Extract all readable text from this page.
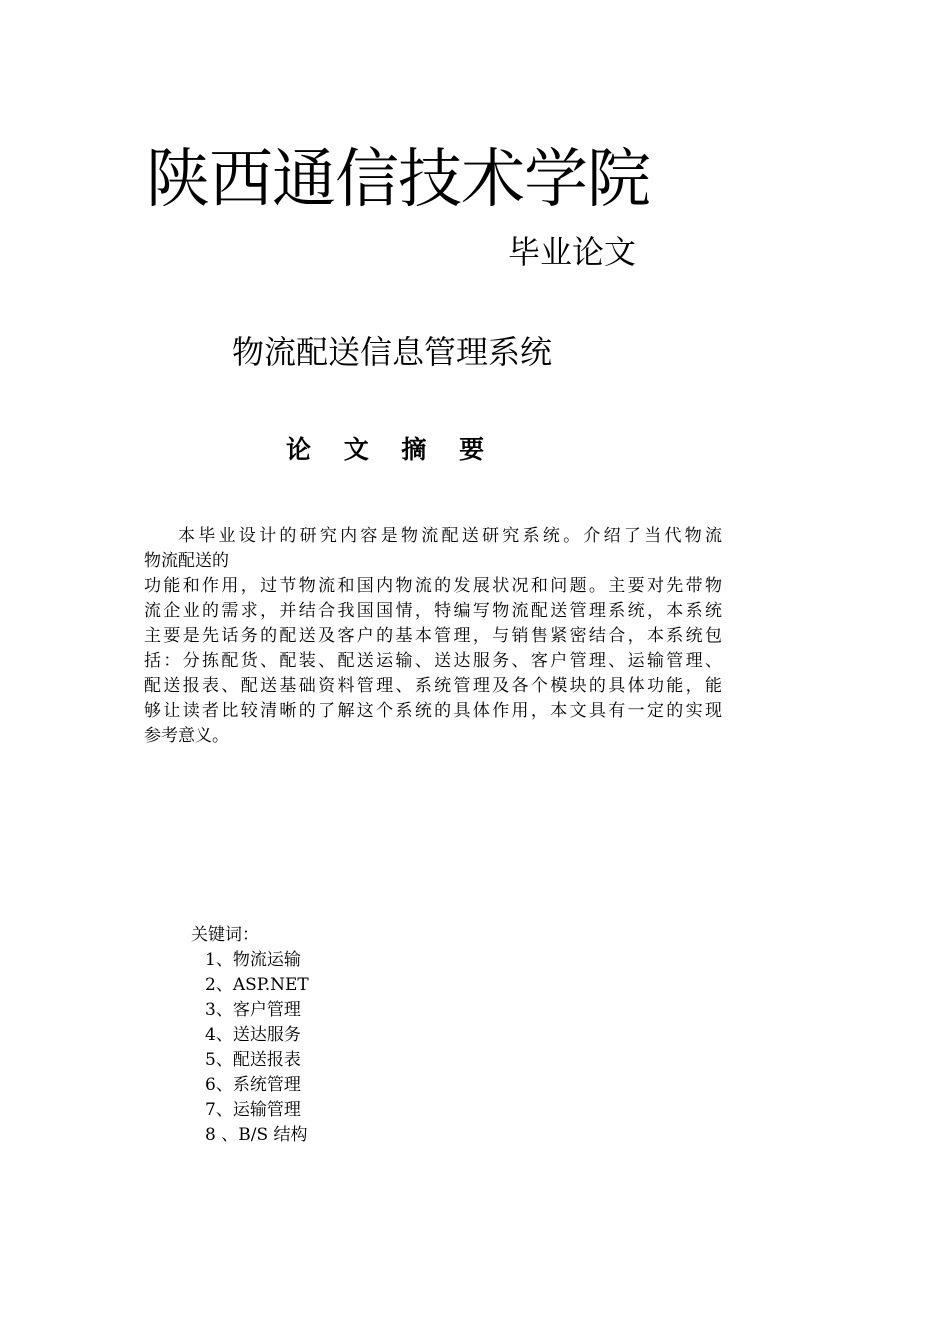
陕西通信技术学院
毕业论文
物流配送信息管理系统
论 文 摘 要
本毕业设计的研究内容是物流配送研究系统。介绍了当代物流
物流配送的
功能和作用，过节物流和国内物流的发展状况和问题。主要对先带物
流企业的需求，并结合我国国情，特编写物流配送管理系统，本系统
主要是先话务的配送及客户的基本管理，与销售紧密结合，本系统包
括：分拣配货、配装、配送运输、送达服务、客户管理、运输管理、
配送报表、配送基础资料管理、系统管理及各个模块的具体功能，能
够让读者比较清晰的了解这个系统的具体作用，本文具有一定的实现
参考意义。
关键词：
1、物流运输
2、ASP.NET
3、客户管理
4、送达服务
5、配送报表
6、系统管理
7、运输管理
8 、B/S 结构
